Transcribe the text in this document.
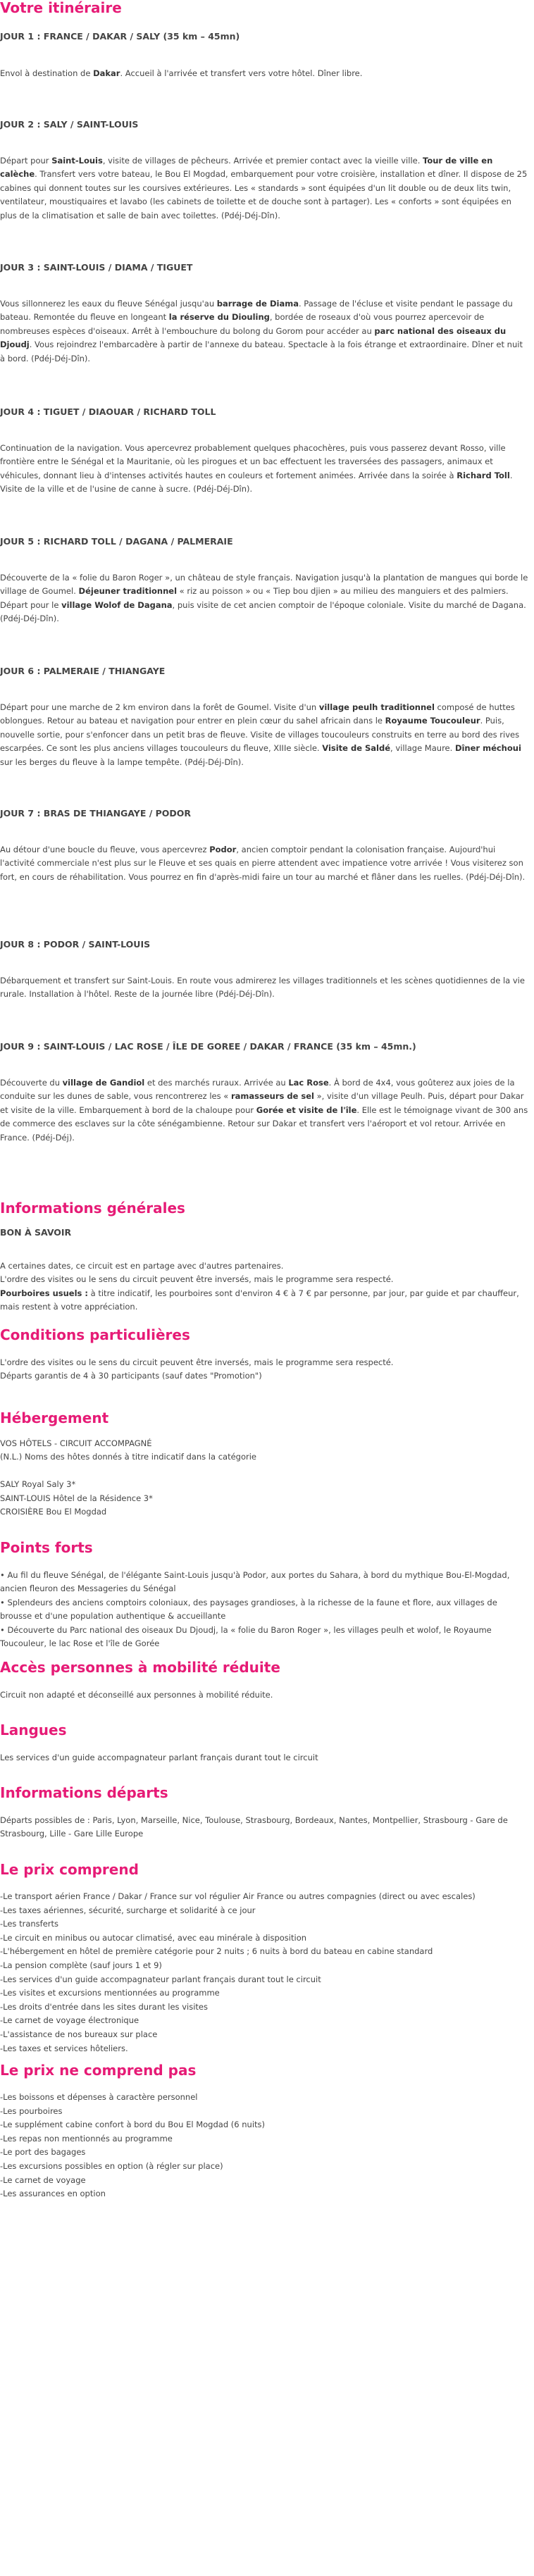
Votre itinéraire
JOUR 1 : FRANCE / DAKAR / SALY (35 km – 45mn)

Envol à destination de Dakar. Accueil à l'arrivée et transfert vers votre hôtel. Dîner libre.

JOUR 2 : SALY / SAINT-LOUIS

Départ pour Saint-Louis, visite de villages de pêcheurs. Arrivée et premier contact avec la vieille ville. Tour de ville en calèche. Transfert vers votre bateau, le Bou El Mogdad, embarquement pour votre croisière, installation et dîner. Il dispose de 25 cabines qui donnent toutes sur les coursives extérieures. Les « standards » sont équipées d'un lit double ou de deux lits twin, ventilateur, moustiquaires et lavabo (les cabinets de toilette et de douche sont à partager). Les « conforts » sont équipées en plus de la climatisation et salle de bain avec toilettes. (Pdéj-Déj-Dîn).

JOUR 3 : SAINT-LOUIS / DIAMA / TIGUET

Vous sillonnerez les eaux du fleuve Sénégal jusqu'au barrage de Diama. Passage de l'écluse et visite pendant le passage du bateau. Remontée du fleuve en longeant la réserve du Diouling, bordée de roseaux d'où vous pourrez apercevoir de nombreuses espèces d'oiseaux. Arrêt à l'embouchure du bolong du Gorom pour accéder au parc national des oiseaux du Djoudj. Vous rejoindrez l'embarcadère à partir de l'annexe du bateau. Spectacle à la fois étrange et extraordinaire. Dîner et nuit à bord. (Pdéj-Déj-Dîn).

JOUR 4 : TIGUET / DIAOUAR / RICHARD TOLL

Continuation de la navigation. Vous apercevrez probablement quelques phacochères, puis vous passerez devant Rosso, ville frontière entre le Sénégal et la Mauritanie, où les pirogues et un bac effectuent les traversées des passagers, animaux et véhicules, donnant lieu à d'intenses activités hautes en couleurs et fortement animées. Arrivée dans la soirée à Richard Toll. Visite de la ville et de l'usine de canne à sucre. (Pdéj-Déj-Dîn).

JOUR 5 : RICHARD TOLL / DAGANA / PALMERAIE

Découverte de la « folie du Baron Roger », un château de style français. Navigation jusqu'à la plantation de mangues qui borde le village de Goumel. Déjeuner traditionnel « riz au poisson » ou « Tiep bou djien » au milieu des manguiers et des palmiers. Départ pour le village Wolof de Dagana, puis visite de cet ancien comptoir de l'époque coloniale. Visite du marché de Dagana. (Pdéj-Déj-Dîn).

JOUR 6 : PALMERAIE / THIANGAYE

Départ pour une marche de 2 km environ dans la forêt de Goumel. Visite d'un village peulh traditionnel composé de huttes oblongues. Retour au bateau et navigation pour entrer en plein cœur du sahel africain dans le Royaume Toucouleur. Puis, nouvelle sortie, pour s'enfoncer dans un petit bras de fleuve. Visite de villages toucouleurs construits en terre au bord des rives escarpées. Ce sont les plus anciens villages toucouleurs du fleuve, XIIIe siècle. Visite de Saldé, village Maure. Dîner méchoui sur les berges du fleuve à la lampe tempête. (Pdéj-Déj-Dîn).

JOUR 7 : BRAS DE THIANGAYE / PODOR

Au détour d'une boucle du fleuve, vous apercevrez Podor, ancien comptoir pendant la colonisation française. Aujourd'hui l'activité commerciale n'est plus sur le Fleuve et ses quais en pierre attendent avec impatience votre arrivée ! Vous visiterez son fort, en cours de réhabilitation. Vous pourrez en fin d'après-midi faire un tour au marché et flâner dans les ruelles. (Pdéj-Déj-Dîn).

JOUR 8 : PODOR / SAINT-LOUIS

Débarquement et transfert sur Saint-Louis. En route vous admirerez les villages traditionnels et les scènes quotidiennes de la vie rurale. Installation à l'hôtel. Reste de la journée libre (Pdéj-Déj-Dîn).

JOUR 9 : SAINT-LOUIS / LAC ROSE / ÎLE DE GOREE / DAKAR / FRANCE (35 km – 45mn.)

Découverte du village de Gandiol et des marchés ruraux. Arrivée au Lac Rose. À bord de 4x4, vous goûterez aux joies de la conduite sur les dunes de sable, vous rencontrerez les « ramasseurs de sel », visite d'un village Peulh. Puis, départ pour Dakar et visite de la ville. Embarquement à bord de la chaloupe pour Gorée et visite de l'île. Elle est le témoignage vivant de 300 ans de commerce des esclaves sur la côte sénégambienne. Retour sur Dakar et transfert vers l'aéroport et vol retour. Arrivée en France. (Pdéj-Déj).

Informations générales
BON À SAVOIR

A certaines dates, ce circuit est en partage avec d'autres partenaires.
L'ordre des visites ou le sens du circuit peuvent être inversés, mais le programme sera respecté.
Pourboires usuels : à titre indicatif, les pourboires sont d'environ 4 € à 7 € par personne, par jour, par guide et par chauffeur, mais restent à votre appréciation.

Conditions particulières

L'ordre des visites ou le sens du circuit peuvent être inversés, mais le programme sera respecté.
Départs garantis de 4 à 30 participants (sauf dates "Promotion")

Hébergement

VOS HÔTELS - CIRCUIT ACCOMPAGNÉ

(N.L.) Noms des hôtes donnés à titre indicatif dans la catégorie

SALY Royal Saly 3*

SAINT-LOUIS Hôtel de la Résidence 3*

CROISIÈRE Bou El Mogdad

Points forts

• Au fil du fleuve Sénégal, de l'élégante Saint-Louis jusqu'à Podor, aux portes du Sahara, à bord du mythique Bou-El-Mogdad, ancien fleuron des Messageries du Sénégal
• Splendeurs des anciens comptoirs coloniaux, des paysages grandioses, à la richesse de la faune et flore, aux villages de brousse et d'une population authentique & accueillante
• Découverte du Parc national des oiseaux Du Djoudj, la « folie du Baron Roger », les villages peulh et wolof, le Royaume Toucouleur, le lac Rose et l'île de Gorée

Accès personnes à mobilité réduite

Circuit non adapté et déconseillé aux personnes à mobilité réduite.

Langues

Les services d'un guide accompagnateur parlant français durant tout le circuit

Informations départs

Départs possibles de : Paris, Lyon, Marseille, Nice, Toulouse, Strasbourg, Bordeaux, Nantes, Montpellier, Strasbourg - Gare de Strasbourg, Lille - Gare Lille Europe

Le prix comprend

-Le transport aérien France / Dakar / France sur vol régulier Air France ou autres compagnies (direct ou avec escales)

-Les taxes aériennes, sécurité, surcharge et solidarité à ce jour

-Les transferts

-Le circuit en minibus ou autocar climatisé, avec eau minérale à disposition

-L'hébergement en hôtel de première catégorie pour 2 nuits ; 6 nuits à bord du bateau en cabine standard

-La pension complète (sauf jours 1 et 9)

-Les services d'un guide accompagnateur parlant français durant tout le circuit

-Les visites et excursions mentionnées au programme

-Les droits d'entrée dans les sites durant les visites

-Le carnet de voyage électronique

-L'assistance de nos bureaux sur place

-Les taxes et services hôteliers.

Le prix ne comprend pas

-Les boissons et dépenses à caractère personnel

-Les pourboires

-Le supplément cabine confort à bord du Bou El Mogdad (6 nuits)

-Les repas non mentionnés au programme

-Le port des bagages

-Les excursions possibles en option (à régler sur place)

-Le carnet de voyage

-Les assurances en option
